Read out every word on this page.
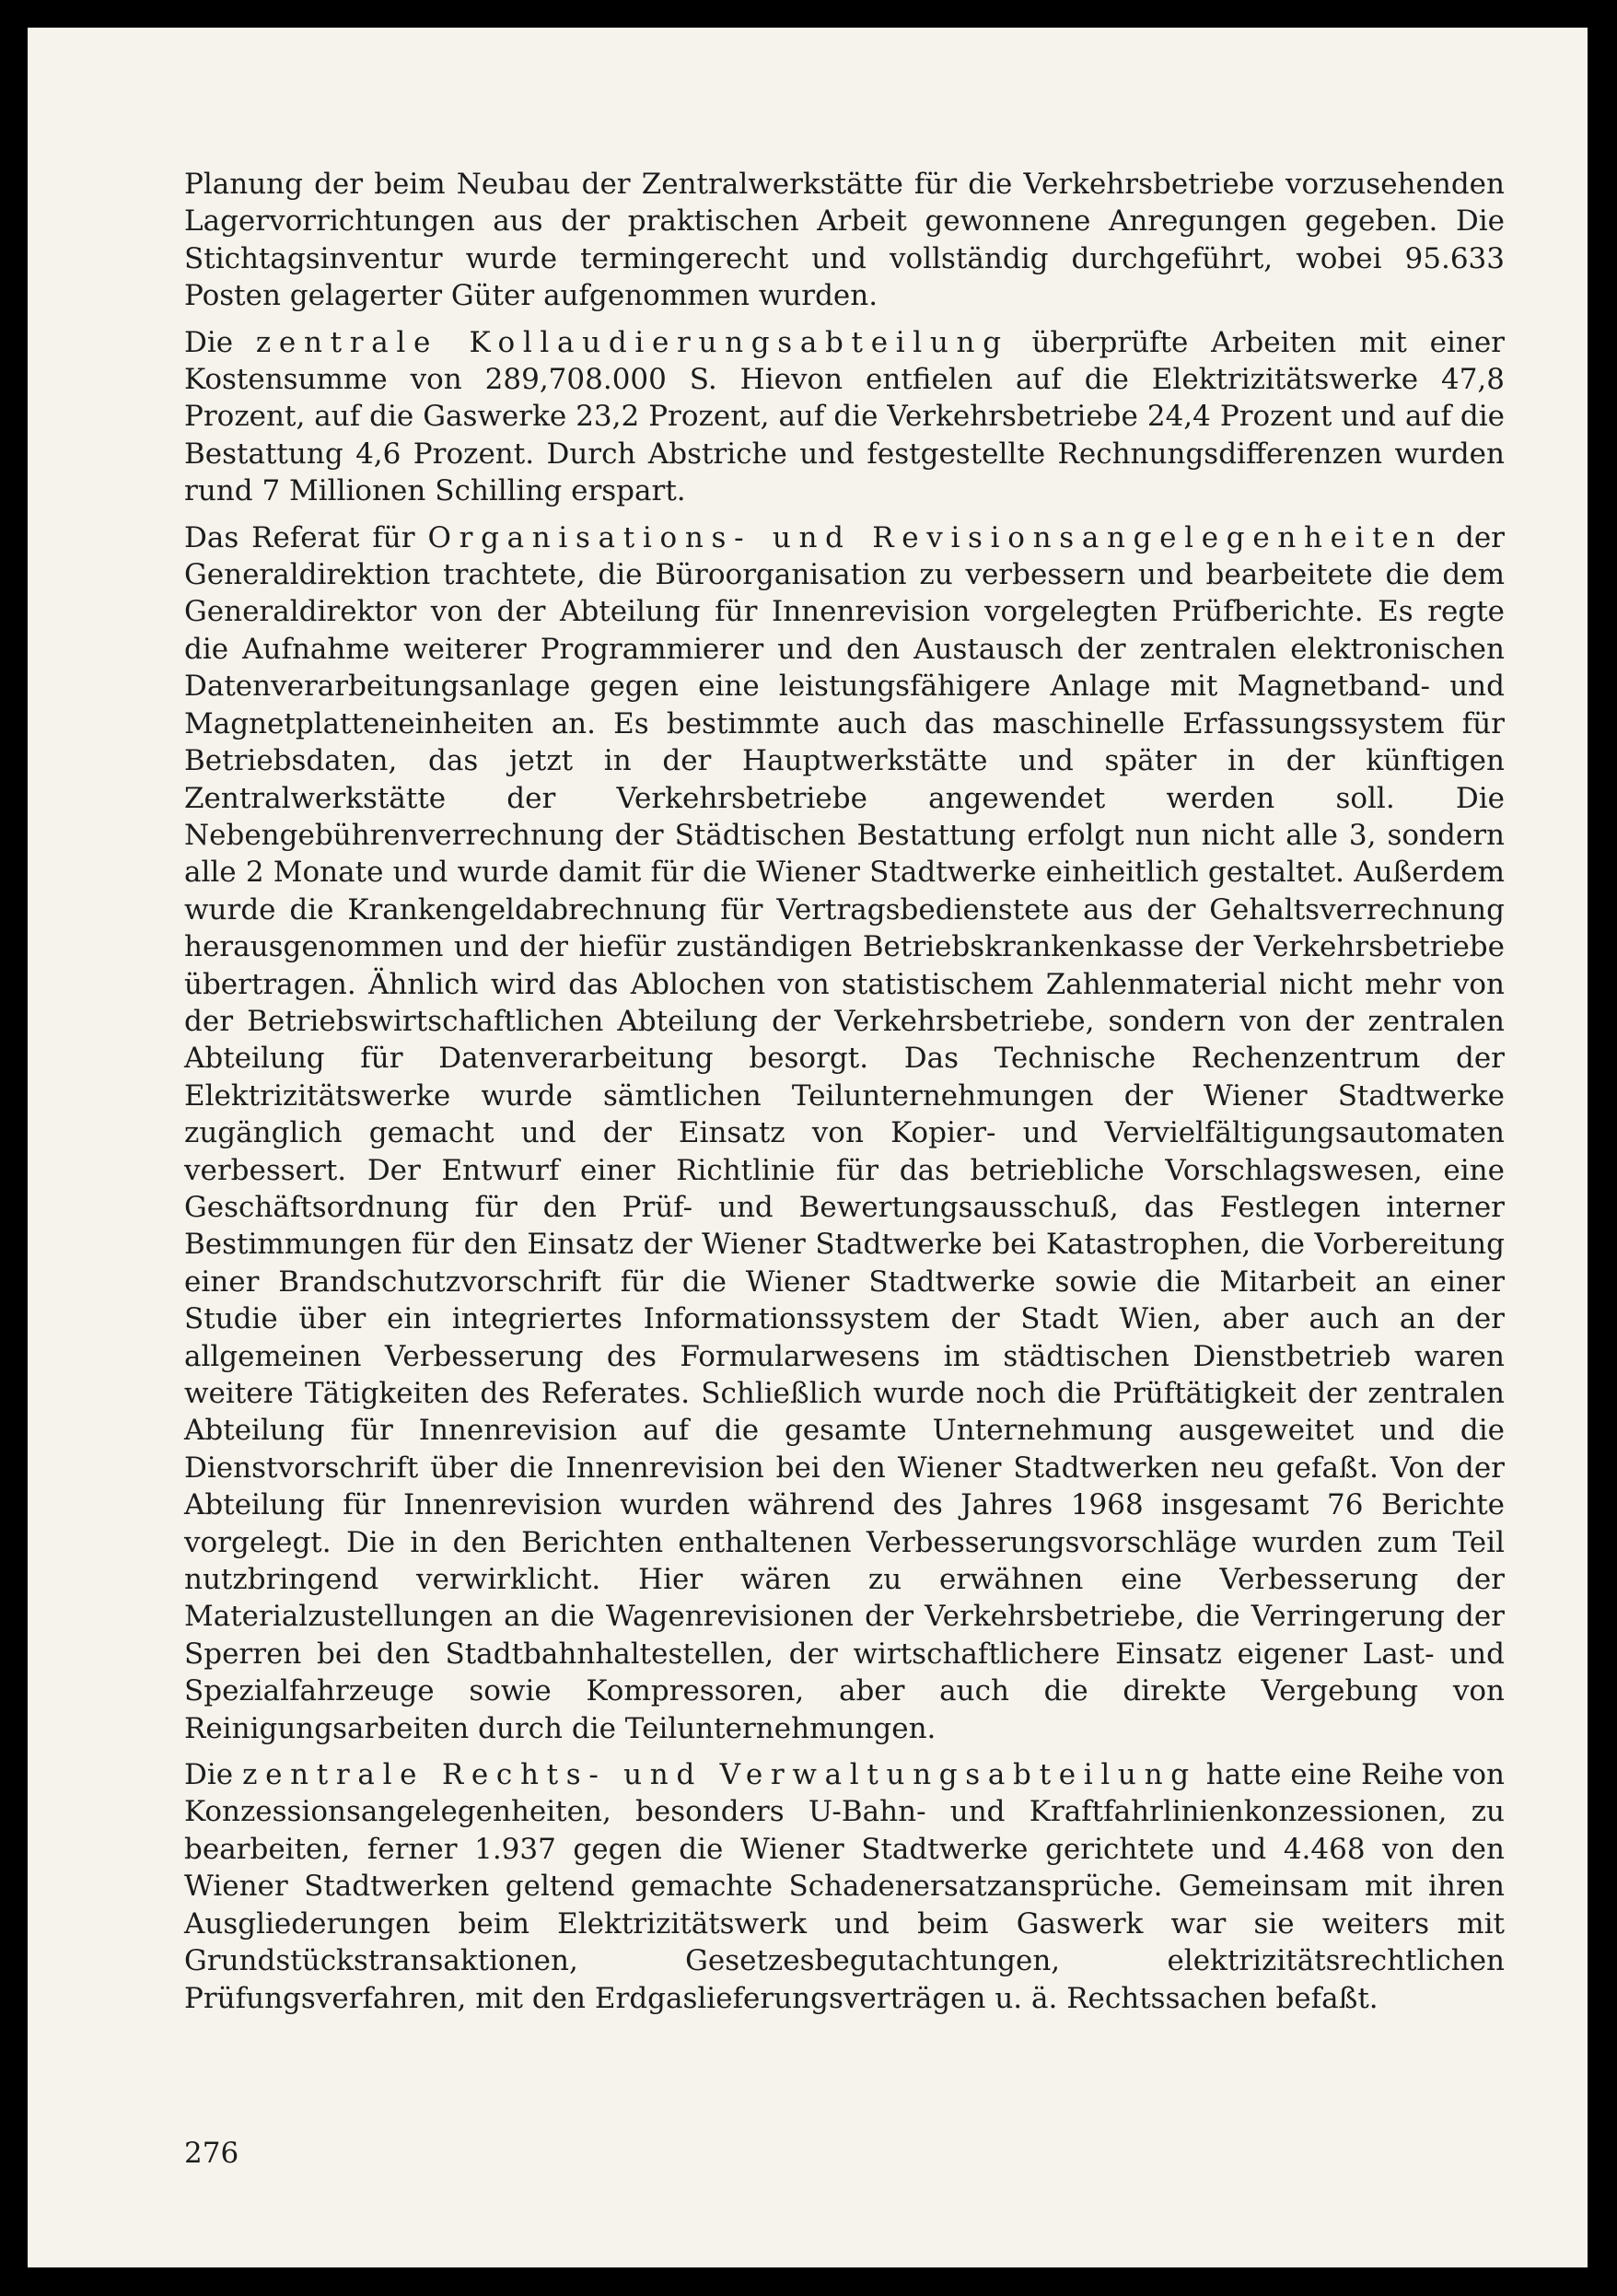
Planung der beim Neubau der Zentralwerkstätte für die Verkehrsbetriebe vorzusehenden Lagervorrichtungen aus der praktischen Arbeit gewonnene Anregungen gegeben. Die Stichtagsinventur wurde termingerecht und vollständig durchgeführt, wobei 95.633 Posten gelagerter Güter aufgenommen wurden.

Die zentrale Kollaudierungsabteilung überprüfte Arbeiten mit einer Kostensumme von 289,708.000 S. Hievon entfielen auf die Elektrizitätswerke 47,8 Prozent, auf die Gaswerke 23,2 Prozent, auf die Verkehrsbetriebe 24,4 Prozent und auf die Bestattung 4,6 Prozent. Durch Abstriche und festgestellte Rechnungsdifferenzen wurden rund 7 Millionen Schilling erspart.

Das Referat für Organisations- und Revisionsangelegenheiten der Generaldirektion trachtete, die Büroorganisation zu verbessern und bearbeitete die dem Generaldirektor von der Abteilung für Innenrevision vorgelegten Prüfberichte. Es regte die Aufnahme weiterer Programmierer und den Austausch der zentralen elektronischen Datenverarbeitungsanlage gegen eine leistungsfähigere Anlage mit Magnetband- und Magnetplatteneinheiten an. Es bestimmte auch das maschinelle Erfassungssystem für Betriebsdaten, das jetzt in der Hauptwerkstätte und später in der künftigen Zentralwerkstätte der Verkehrsbetriebe angewendet werden soll. Die Nebengebührenverrechnung der Städtischen Bestattung erfolgt nun nicht alle 3, sondern alle 2 Monate und wurde damit für die Wiener Stadtwerke einheitlich gestaltet. Außerdem wurde die Krankengeldabrechnung für Vertragsbedienstete aus der Gehaltsverrechnung herausgenommen und der hiefür zuständigen Betriebskrankenkasse der Verkehrsbetriebe übertragen. Ähnlich wird das Ablochen von statistischem Zahlenmaterial nicht mehr von der Betriebswirtschaftlichen Abteilung der Verkehrsbetriebe, sondern von der zentralen Abteilung für Datenverarbeitung besorgt. Das Technische Rechenzentrum der Elektrizitätswerke wurde sämtlichen Teilunternehmungen der Wiener Stadtwerke zugänglich gemacht und der Einsatz von Kopier- und Vervielfältigungsautomaten verbessert. Der Entwurf einer Richtlinie für das betriebliche Vorschlagswesen, eine Geschäftsordnung für den Prüf- und Bewertungsausschuß, das Festlegen interner Bestimmungen für den Einsatz der Wiener Stadtwerke bei Katastrophen, die Vorbereitung einer Brandschutzvorschrift für die Wiener Stadtwerke sowie die Mitarbeit an einer Studie über ein integriertes Informationssystem der Stadt Wien, aber auch an der allgemeinen Verbesserung des Formularwesens im städtischen Dienstbetrieb waren weitere Tätigkeiten des Referates. Schließlich wurde noch die Prüftätigkeit der zentralen Abteilung für Innenrevision auf die gesamte Unternehmung ausgeweitet und die Dienstvorschrift über die Innenrevision bei den Wiener Stadtwerken neu gefaßt. Von der Abteilung für Innenrevision wurden während des Jahres 1968 insgesamt 76 Berichte vorgelegt. Die in den Berichten enthaltenen Verbesserungsvorschläge wurden zum Teil nutzbringend verwirklicht. Hier wären zu erwähnen eine Verbesserung der Materialzustellungen an die Wagenrevisionen der Verkehrsbetriebe, die Verringerung der Sperren bei den Stadtbahnhaltestellen, der wirtschaftlichere Einsatz eigener Last- und Spezialfahrzeuge sowie Kompressoren, aber auch die direkte Vergebung von Reinigungsarbeiten durch die Teilunternehmungen.

Die zentrale Rechts- und Verwaltungsabteilung hatte eine Reihe von Konzessionsangelegenheiten, besonders U-Bahn- und Kraftfahrlinienkonzessionen, zu bearbeiten, ferner 1.937 gegen die Wiener Stadtwerke gerichtete und 4.468 von den Wiener Stadtwerken geltend gemachte Schadenersatzansprüche. Gemeinsam mit ihren Ausgliederungen beim Elektrizitätswerk und beim Gaswerk war sie weiters mit Grundstückstransaktionen, Gesetzesbegutachtungen, elektrizitätsrechtlichen Prüfungsverfahren, mit den Erdgaslieferungsverträgen u. ä. Rechtssachen befaßt.

276
